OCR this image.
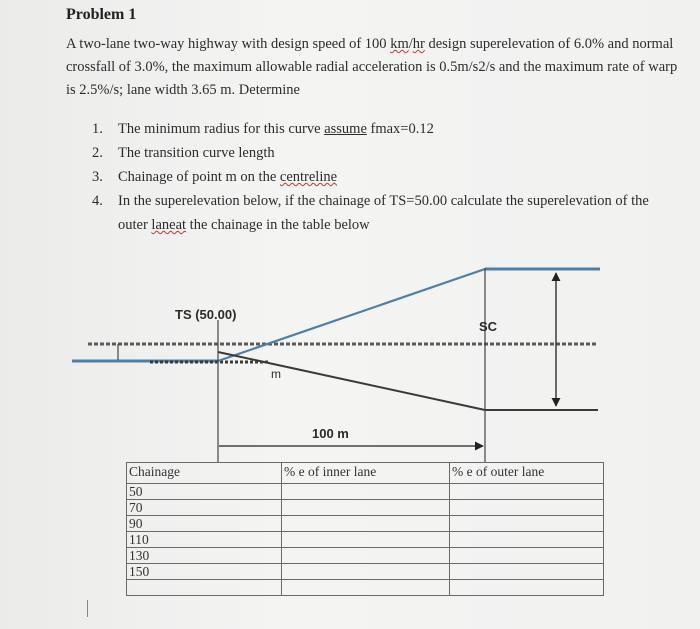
Problem 1
A two-lane two-way highway with design speed of 100 km/hr design superelevation of 6.0% and normal crossfall of 3.0%, the maximum allowable radial acceleration is 0.5m/s2/s and the maximum rate of warp is 2.5%/s; lane width 3.65 m. Determine
1. The minimum radius for this curve assume fmax=0.12
2. The transition curve length
3. Chainage of point m on the centreline
4. In the superelevation below, if the chainage of TS=50.00 calculate the superelevation of the outer laneat the chainage in the table below
TS (50.00)
SC
m
100 m
Chainage	% e of inner lane	% e of outer lane
50		
70		
90		
110		
130		
150		
